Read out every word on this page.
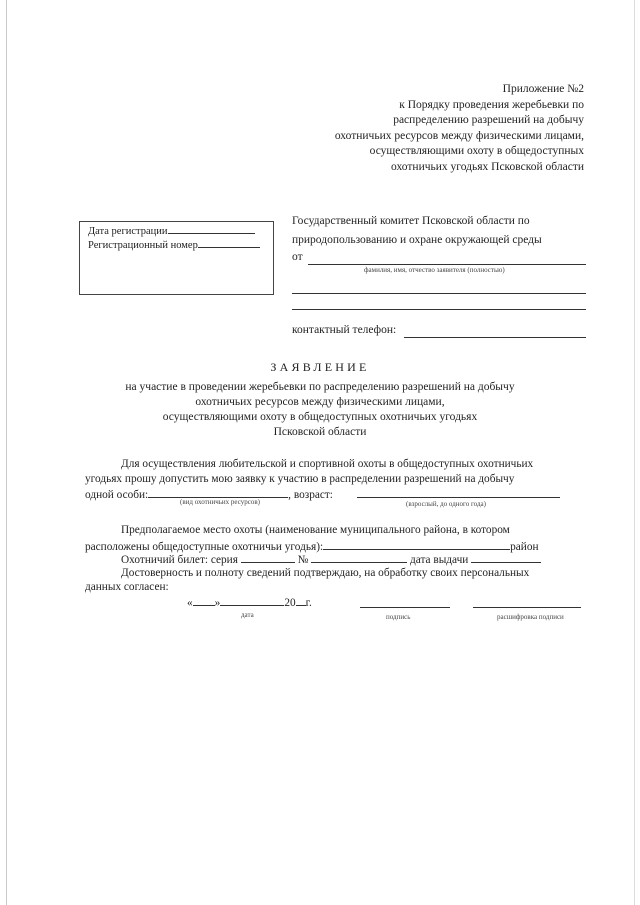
Приложение №2
к Порядку проведения жеребьевки по
распределению разрешений на добычу
охотничьих ресурсов между физическими лицами,
осуществляющими охоту в общедоступных
охотничьих угодьях Псковской области
Дата регистрации
Регистрационный номер
Государственный комитет Псковской области по
природопользованию и охране окружающей среды
от
фамилия, имя, отчество заявителя (полностью)
контактный телефон:
ЗАЯВЛЕНИЕ
на участие в проведении жеребьевки по распределению разрешений на добычу
охотничьих ресурсов между физическими лицами,
осуществляющими охоту в общедоступных охотничьих угодьях
Псковской области
Для осуществления любительской и спортивной охоты в общедоступных охотничьих
угодьях прошу допустить мою заявку к участию в распределении разрешений на добычу
одной особи:	, возраст:
(вид охотничьих ресурсов)	(взрослый, до одного года)
Предполагаемое место охоты (наименование муниципального района, в котором
расположены общедоступные охотничьи угодья):	район
Охотничий билет: серия	№	дата выдачи
Достоверность и полноту сведений подтверждаю, на обработку своих персональных
данных согласен:
« »	20 г.
дата	подпись	расшифровка подписи
